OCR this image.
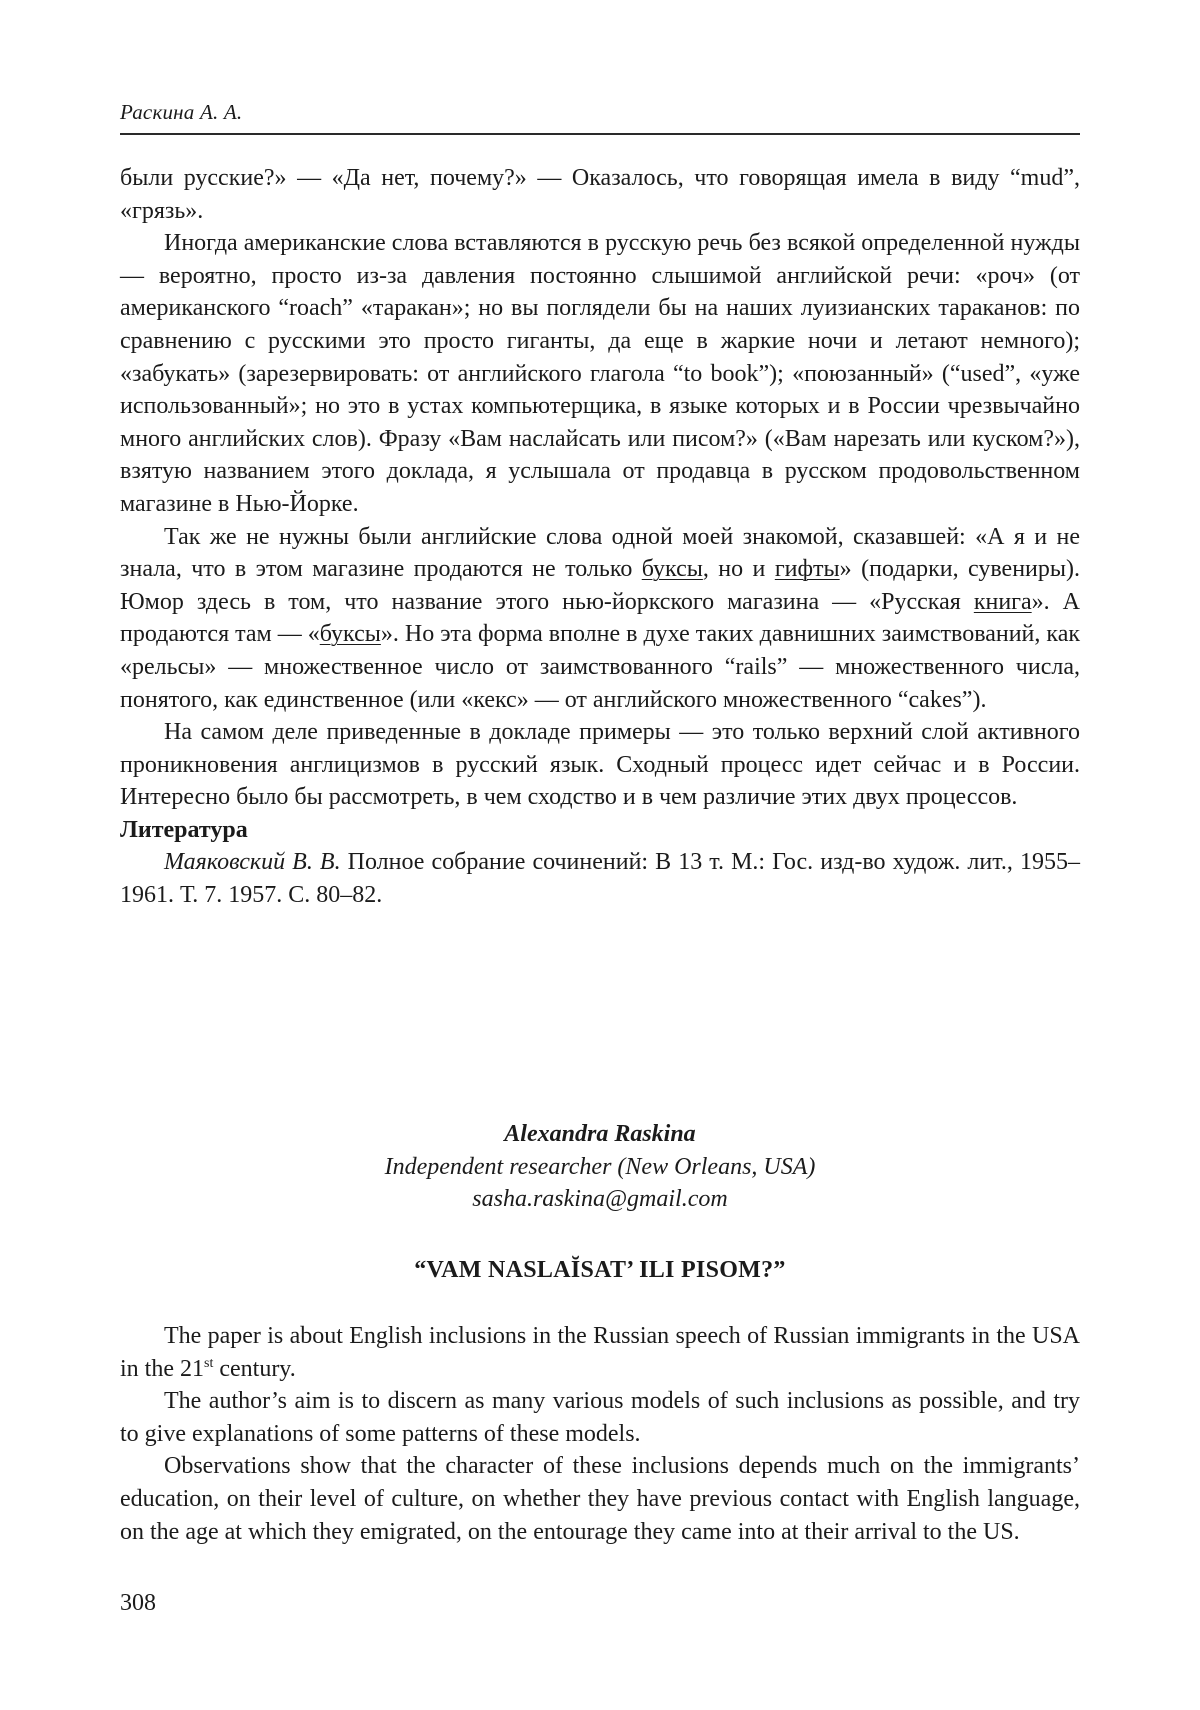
Раскина А. А.

были русские?» — «Да нет, почему?» — Оказалось, что говорящая имела в виду “mud”, «грязь».

Иногда американские слова вставляются в русскую речь без всякой определенной нужды — вероятно, просто из-за давления постоянно слышимой английской речи: «роч» (от американского “roach” «таракан»; но вы поглядели бы на наших луизианских тараканов: по сравнению с русскими это просто гиганты, да еще в жаркие ночи и летают немного); «забукать» (зарезервировать: от английского глагола “to book”); «поюзанный» (“used”, «уже использованный»; но это в устах компьютерщика, в языке которых и в России чрезвычайно много английских слов). Фразу «Вам наслайсать или писом?» («Вам нарезать или куском?»), взятую названием этого доклада, я услышала от продавца в русском продовольственном магазине в Нью-Йорке.

Так же не нужны были английские слова одной моей знакомой, сказавшей: «А я и не знала, что в этом магазине продаются не только буксы, но и гифты» (подарки, сувениры). Юмор здесь в том, что название этого нью-йоркского магазина — «Русская книга». А продаются там — «буксы». Но эта форма вполне в духе таких давнишних заимствований, как «рельсы» — множественное число от заимствованного “rails” — множественного числа, понятого, как единственное (или «кекс» — от английского множественного “cakes”).

На самом деле приведенные в докладе примеры — это только верхний слой активного проникновения англицизмов в русский язык. Сходный процесс идет сейчас и в России. Интересно было бы рассмотреть, в чем сходство и в чем различие этих двух процессов.

Литература

Маяковский В. В. Полное собрание сочинений: В 13 т. М.: Гос. изд-во худож. лит., 1955–1961. Т. 7. 1957. С. 80–82.

Alexandra Raskina
Independent researcher (New Orleans, USA)
sasha.raskina@gmail.com
“VAM NASLAĬSAT’ ILI PISOM?”

The paper is about English inclusions in the Russian speech of Russian immigrants in the USA in the 21st century.

The author’s aim is to discern as many various models of such inclusions as possible, and try to give explanations of some patterns of these models.

Observations show that the character of these inclusions depends much on the immigrants’ education, on their level of culture, on whether they have previous contact with English language, on the age at which they emigrated, on the entourage they came into at their arrival to the US.

308
